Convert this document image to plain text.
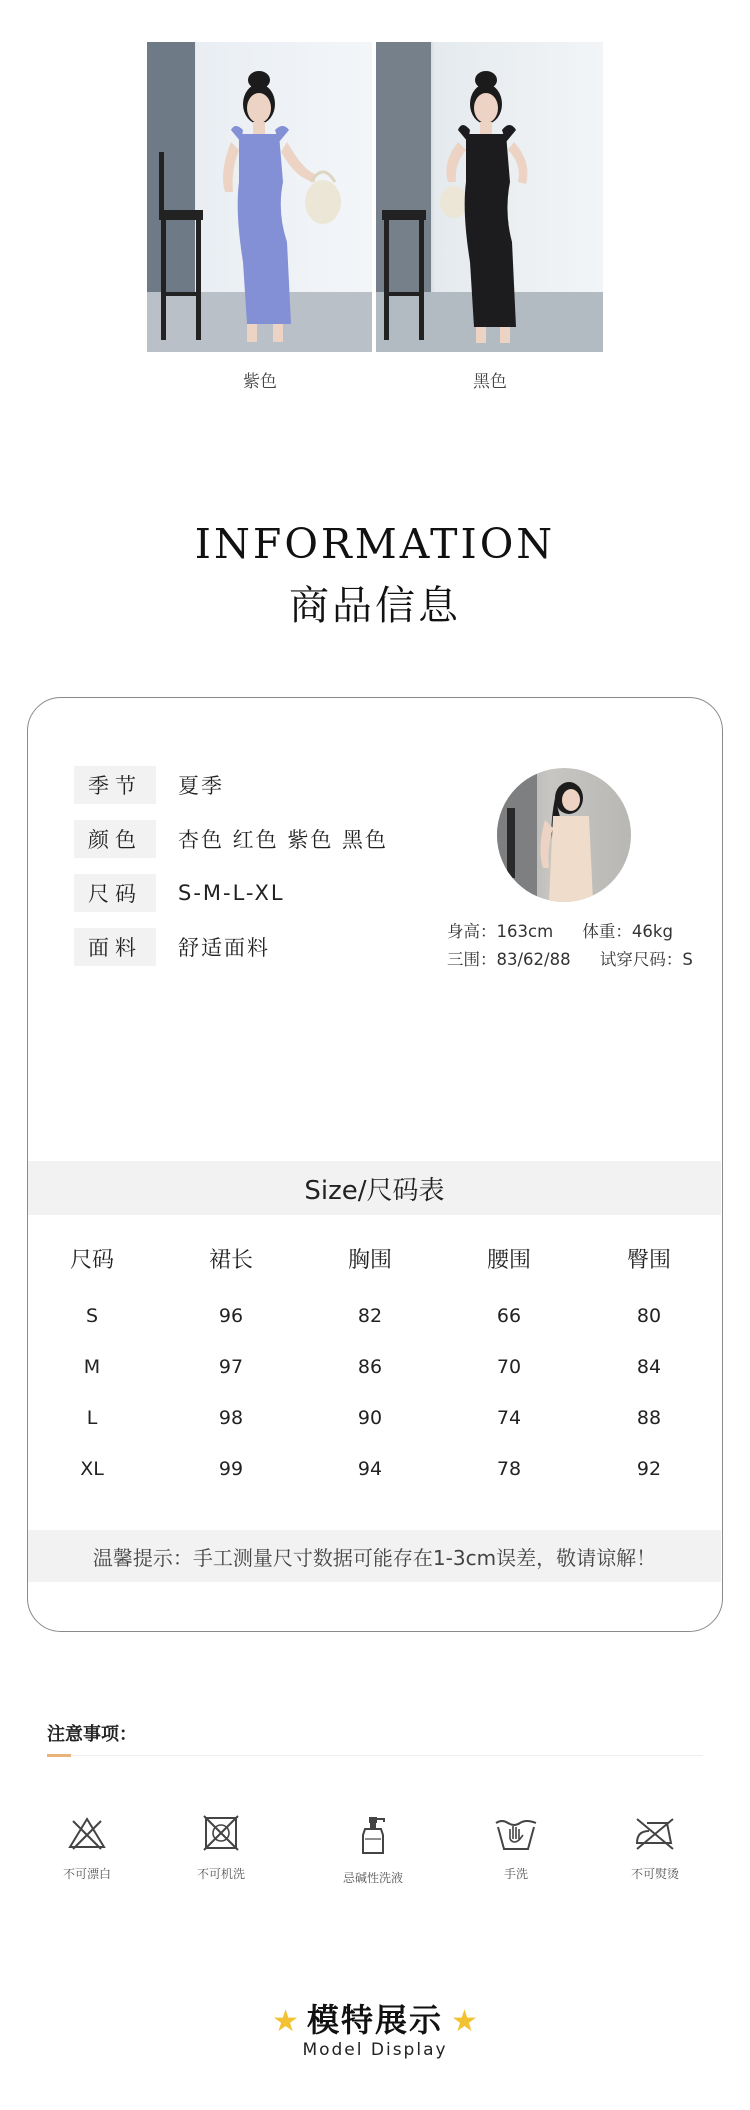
紫色	黑色
INFORMATION
商品信息
季节	夏季
颜色	杏色 红色 紫色 黑色
尺码	S-M-L-XL
面料	舒适面料
身高：163cm 体重：46kg
三围：83/62/88 试穿尺码：S
Size/尺码表
尺码	裙长	胸围	腰围	臀围
S	96	82	66	80
M	97	86	70	84
L	98	90	74	88
XL	99	94	78	92
温馨提示：手工测量尺寸数据可能存在1-3cm误差，敬请谅解！
注意事项：
不可漂白	不可机洗	忌碱性洗液	手洗	不可熨烫
★ 模特展示 ★
Model Display
